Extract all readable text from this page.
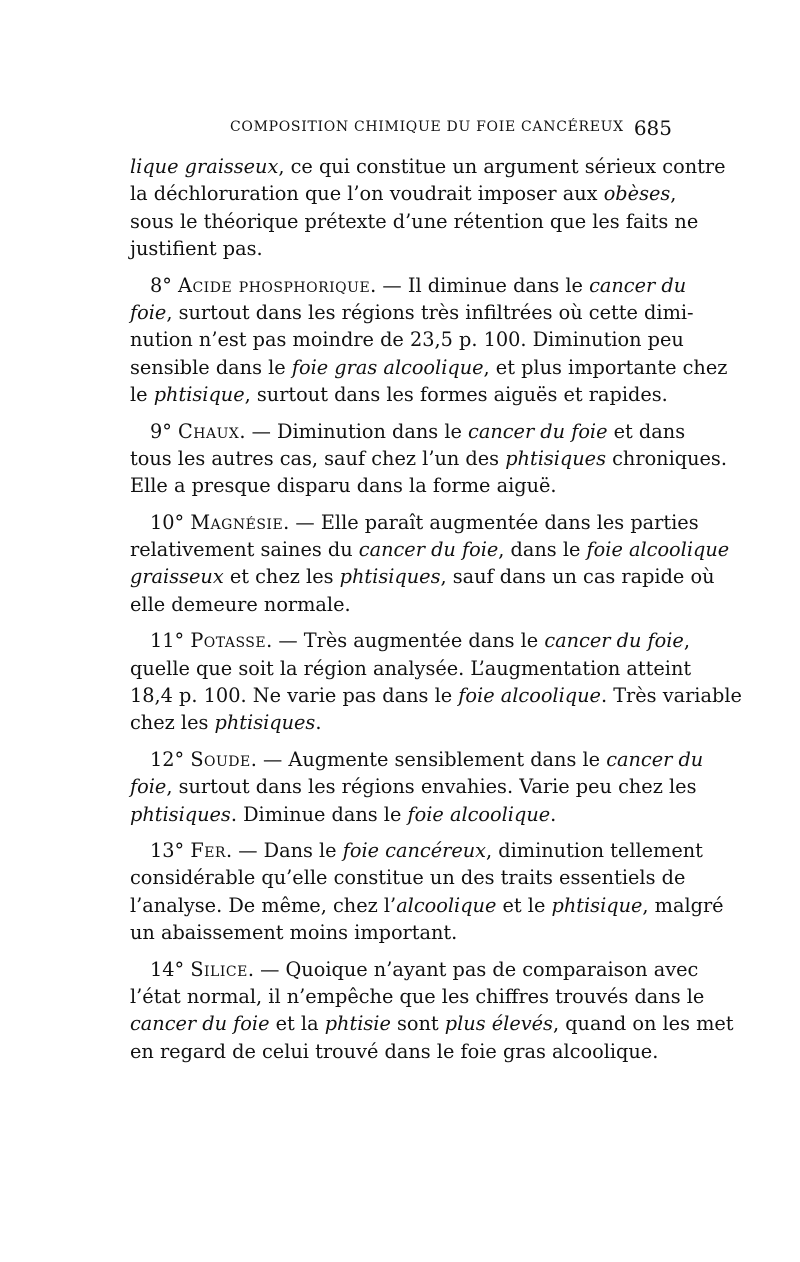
COMPOSITION CHIMIQUE DU FOIE CANCÉREUX 685
lique graisseux, ce qui constitue un argument sérieux contre
la déchloruration que l’on voudrait imposer aux obèses,
sous le théorique prétexte d’une rétention que les faits ne
justifient pas.
8° Acide phosphorique. — Il diminue dans le cancer du
foie, surtout dans les régions très infiltrées où cette dimi-
nution n’est pas moindre de 23,5 p. 100. Diminution peu
sensible dans le foie gras alcoolique, et plus importante chez
le phtisique, surtout dans les formes aiguës et rapides.
9° Chaux. — Diminution dans le cancer du foie et dans
tous les autres cas, sauf chez l’un des phtisiques chroniques.
Elle a presque disparu dans la forme aiguë.
10° Magnésie. — Elle paraît augmentée dans les parties
relativement saines du cancer du foie, dans le foie alcoolique
graisseux et chez les phtisiques, sauf dans un cas rapide où
elle demeure normale.
11° Potasse. — Très augmentée dans le cancer du foie,
quelle que soit la région analysée. L’augmentation atteint
18,4 p. 100. Ne varie pas dans le foie alcoolique. Très variable
chez les phtisiques.
12° Soude. — Augmente sensiblement dans le cancer du
foie, surtout dans les régions envahies. Varie peu chez les
phtisiques. Diminue dans le foie alcoolique.
13° Fer. — Dans le foie cancéreux, diminution tellement
considérable qu’elle constitue un des traits essentiels de
l’analyse. De même, chez l’alcoolique et le phtisique, malgré
un abaissement moins important.
14° Silice. — Quoique n’ayant pas de comparaison avec
l’état normal, il n’empêche que les chiffres trouvés dans le
cancer du foie et la phtisie sont plus élevés, quand on les met
en regard de celui trouvé dans le foie gras alcoolique.
